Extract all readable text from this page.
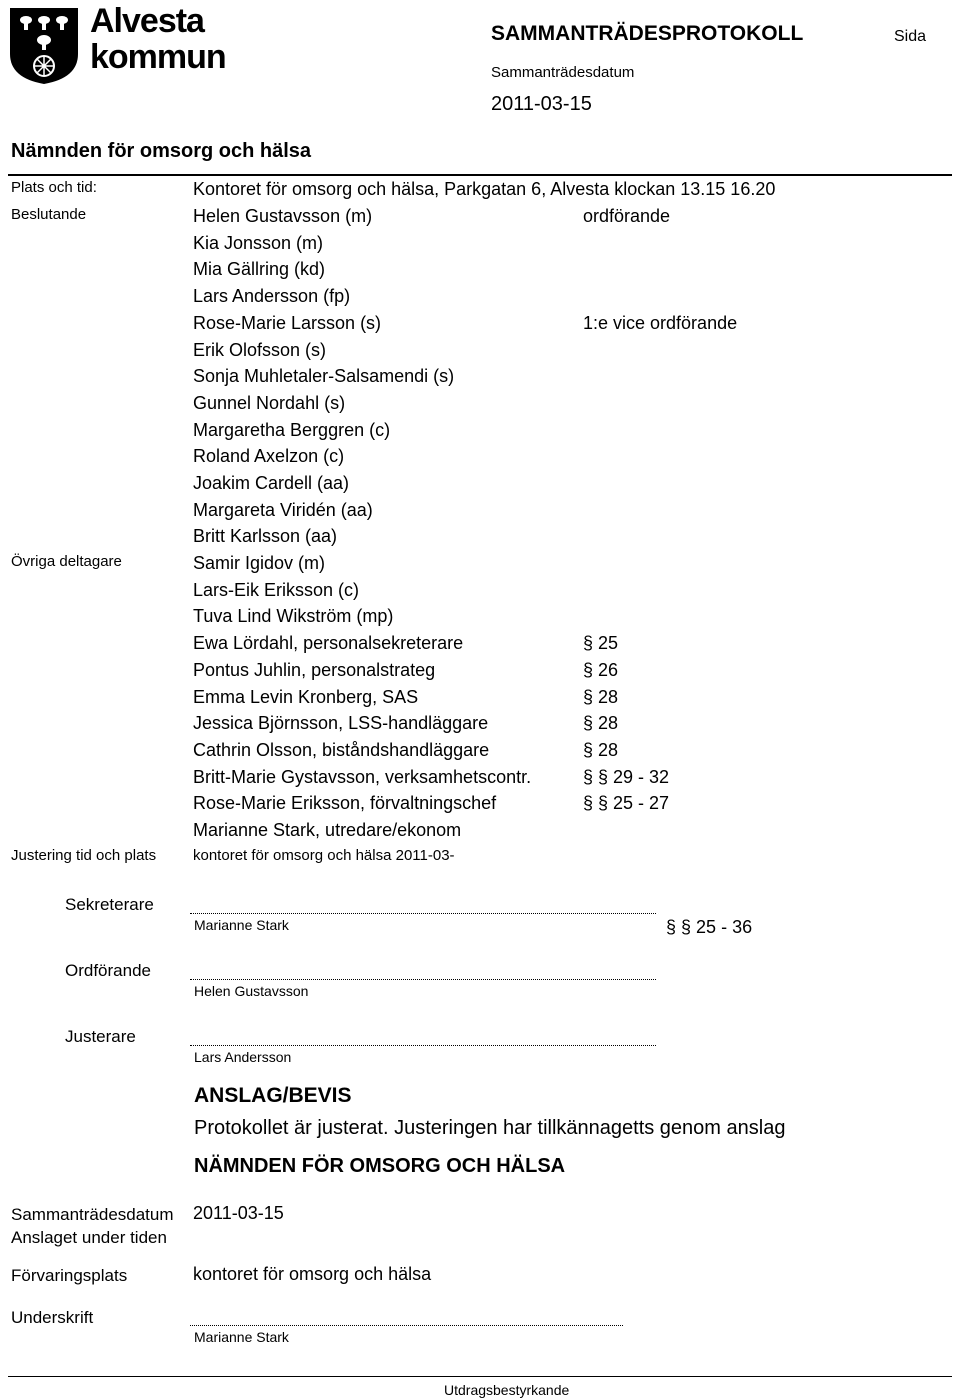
Alvesta
kommun
SAMMANTRÄDESPROTOKOLL	Sida
Sammanträdesdatum
2011-03-15
Nämnden för omsorg och hälsa
Plats och tid:	Kontoret för omsorg och hälsa, Parkgatan 6, Alvesta klockan 13.15 16.20
Beslutande	Helen Gustavsson (m)	ordförande
Kia Jonsson (m)
Mia Gällring (kd)
Lars Andersson (fp)
Rose-Marie Larsson (s)	1:e vice ordförande
Erik Olofsson (s)
Sonja Muhletaler-Salsamendi (s)
Gunnel Nordahl (s)
Margaretha Berggren (c)
Roland Axelzon (c)
Joakim Cardell (aa)
Margareta Viridén (aa)
Britt Karlsson (aa)
Övriga deltagare	Samir Igidov (m)
Lars-Eik Eriksson (c)
Tuva Lind Wikström (mp)
Ewa Lördahl, personalsekreterare	§ 25
Pontus Juhlin, personalstrateg	§ 26
Emma Levin Kronberg, SAS	§ 28
Jessica Björnsson, LSS-handläggare	§ 28
Cathrin Olsson, biståndshandläggare	§ 28
Britt-Marie Gystavsson, verksamhetscontr.	§ § 29 - 32
Rose-Marie Eriksson, förvaltningschef	§ § 25 - 27
Marianne Stark, utredare/ekonom
Justering tid och plats kontoret för omsorg och hälsa 2011-03-
Sekreterare
Marianne Stark	§ § 25 - 36
Ordförande
Helen Gustavsson
Justerare
Lars Andersson
ANSLAG/BEVIS
Protokollet är justerat. Justeringen har tillkännagetts genom anslag
NÄMNDEN FÖR OMSORG OCH HÄLSA
Sammanträdesdatum 2011-03-15
Anslaget under tiden
Förvaringsplats	kontoret för omsorg och hälsa
Underskrift
Marianne Stark
Utdragsbestyrkande
